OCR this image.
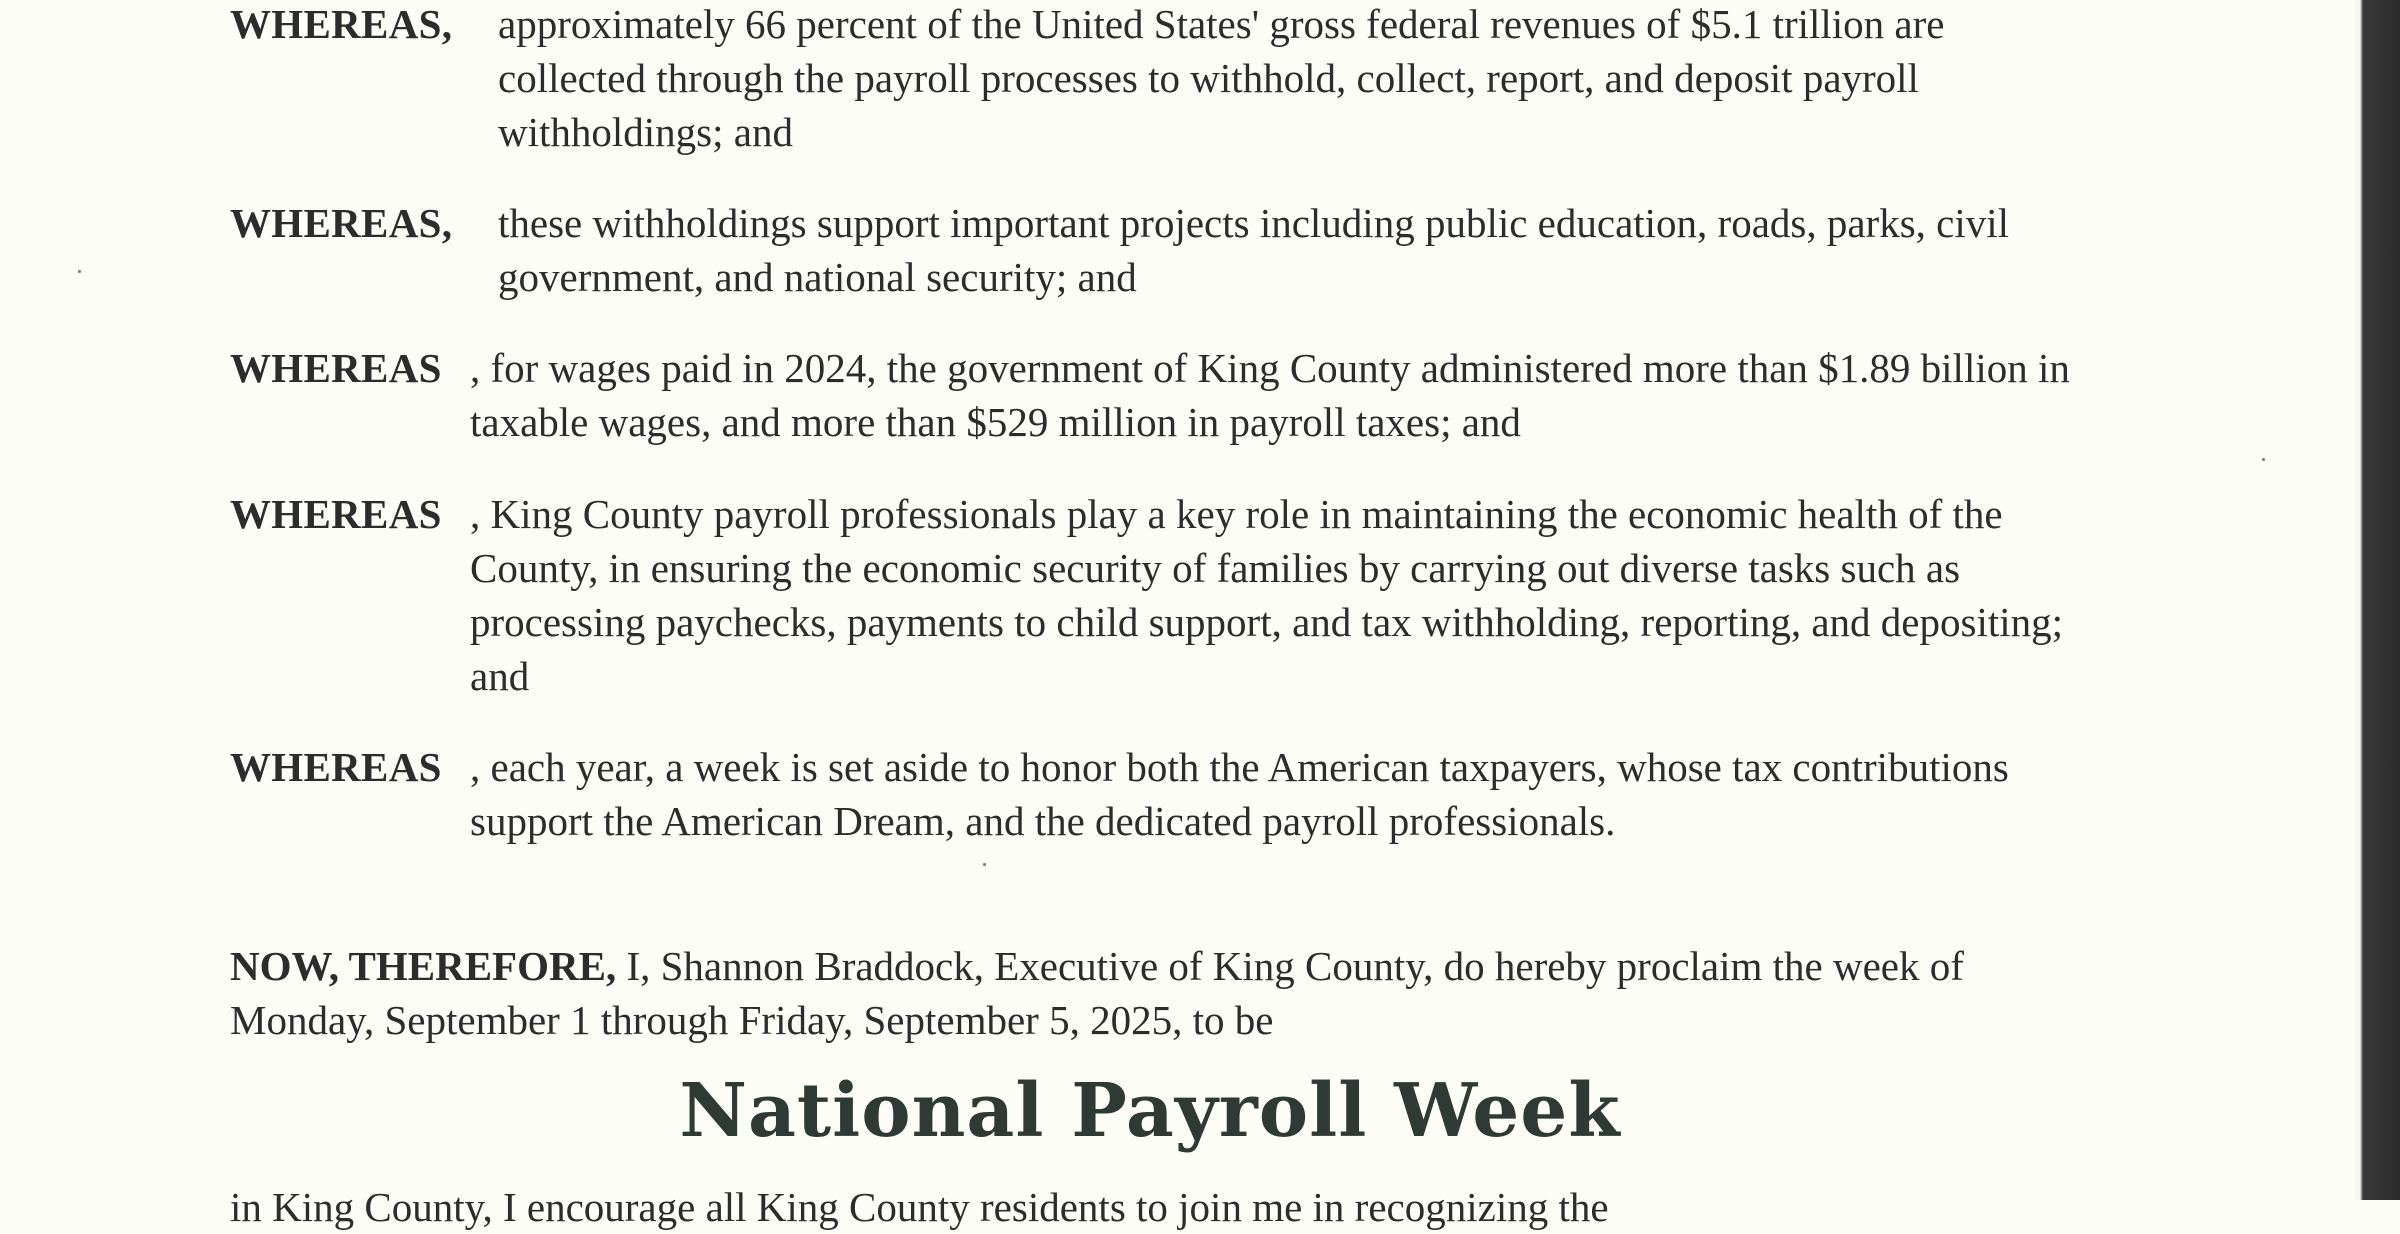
WHEREAS, approximately 66 percent of the United States' gross federal revenues of $5.1 trillion are collected through the payroll processes to withhold, collect, report, and deposit payroll withholdings; and
WHEREAS, these withholdings support important projects including public education, roads, parks, civil government, and national security; and
WHEREAS , for wages paid in 2024, the government of King County administered more than $1.89 billion in taxable wages, and more than $529 million in payroll taxes; and
WHEREAS , King County payroll professionals play a key role in maintaining the economic health of the County, in ensuring the economic security of families by carrying out diverse tasks such as processing paychecks, payments to child support, and tax withholding, reporting, and depositing; and
WHEREAS , each year, a week is set aside to honor both the American taxpayers, whose tax contributions support the American Dream, and the dedicated payroll professionals.
NOW, THEREFORE, I, Shannon Braddock, Executive of King County, do hereby proclaim the week of Monday, September 1 through Friday, September 5, 2025, to be
National Payroll Week
in King County, I encourage all King County residents to join me in recognizing the
